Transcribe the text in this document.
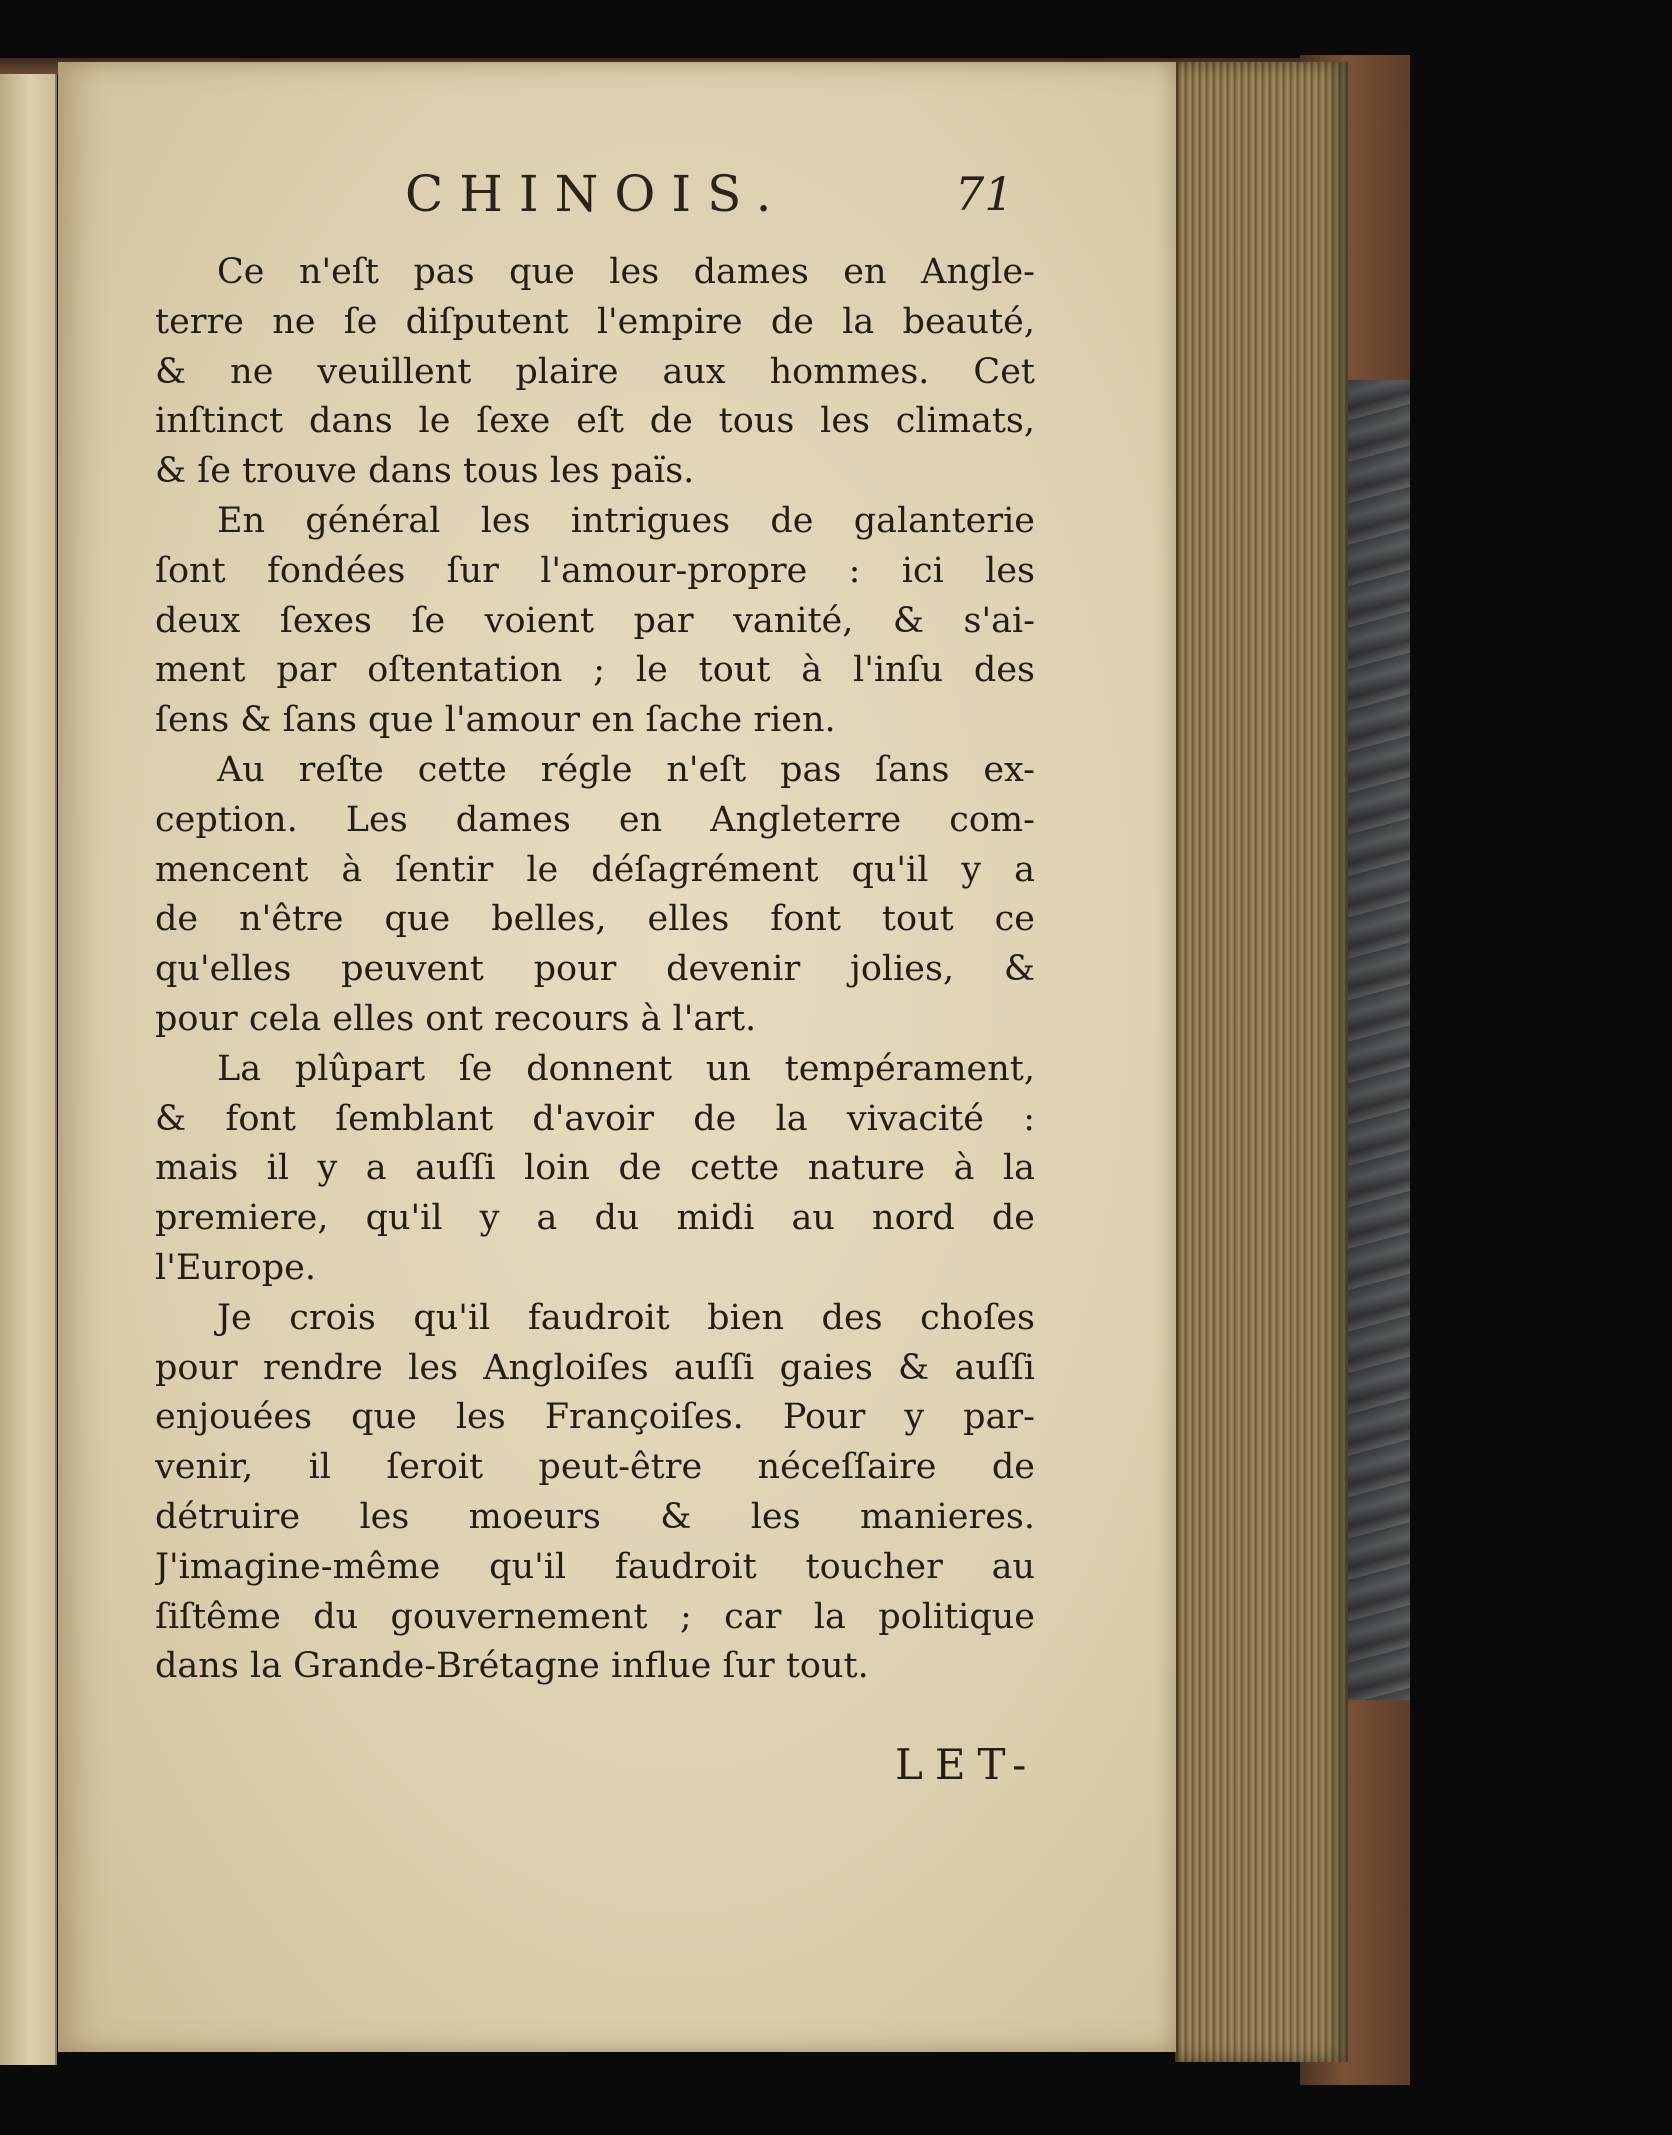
CHINOIS.	71
Ce n'eſt pas que les dames en Angle-
terre ne ſe diſputent l'empire de la beauté,
& ne veuillent plaire aux hommes. Cet
inſtinct dans le ſexe eſt de tous les climats,
& ſe trouve dans tous les païs.
En général les intrigues de galanterie
ſont fondées ſur l'amour-propre : ici les
deux ſexes ſe voient par vanité, & s'ai-
ment par oſtentation ; le tout à l'inſu des
ſens & ſans que l'amour en ſache rien.
Au reſte cette régle n'eſt pas ſans ex-
ception. Les dames en Angleterre com-
mencent à ſentir le déſagrément qu'il y a
de n'être que belles, elles font tout ce
qu'elles peuvent pour devenir jolies, &
pour cela elles ont recours à l'art.
La plûpart ſe donnent un tempérament,
& font ſemblant d'avoir de la vivacité :
mais il y a auſſi loin de cette nature à la
premiere, qu'il y a du midi au nord de
l'Europe.
Je crois qu'il faudroit bien des choſes
pour rendre les Angloiſes auſſi gaies & auſſi
enjouées que les Françoiſes. Pour y par-
venir, il ſeroit peut-être néceſſaire de
détruire les moeurs & les manieres.
J'imagine-même qu'il faudroit toucher au
ſiſtême du gouvernement ; car la politique
dans la Grande-Brétagne influe ſur tout.
LET-
